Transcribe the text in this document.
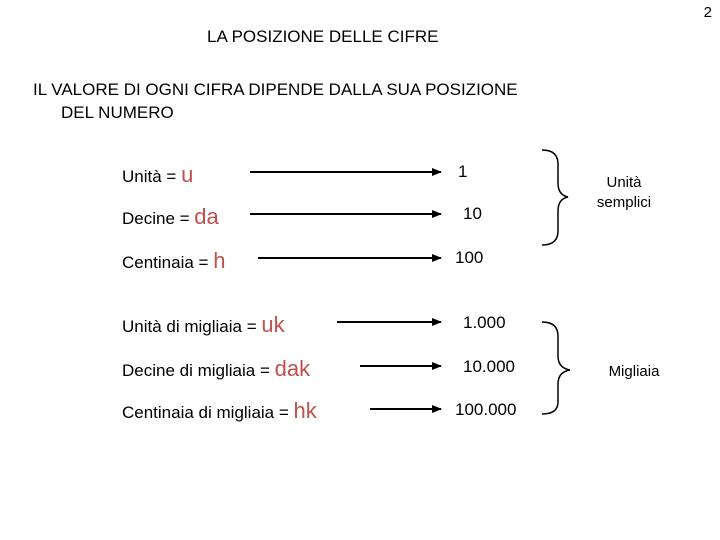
2
LA POSIZIONE DELLE CIFRE
IL VALORE DI OGNI CIFRA DIPENDE DALLA SUA POSIZIONE
DEL NUMERO
Unità = u	1
Decine = da	10
Centinaia = h	100
Unità di migliaia = uk	1.000
Decine di migliaia = dak	10.000
Centinaia di migliaia = hk	100.000
Unità
semplici
Migliaia
